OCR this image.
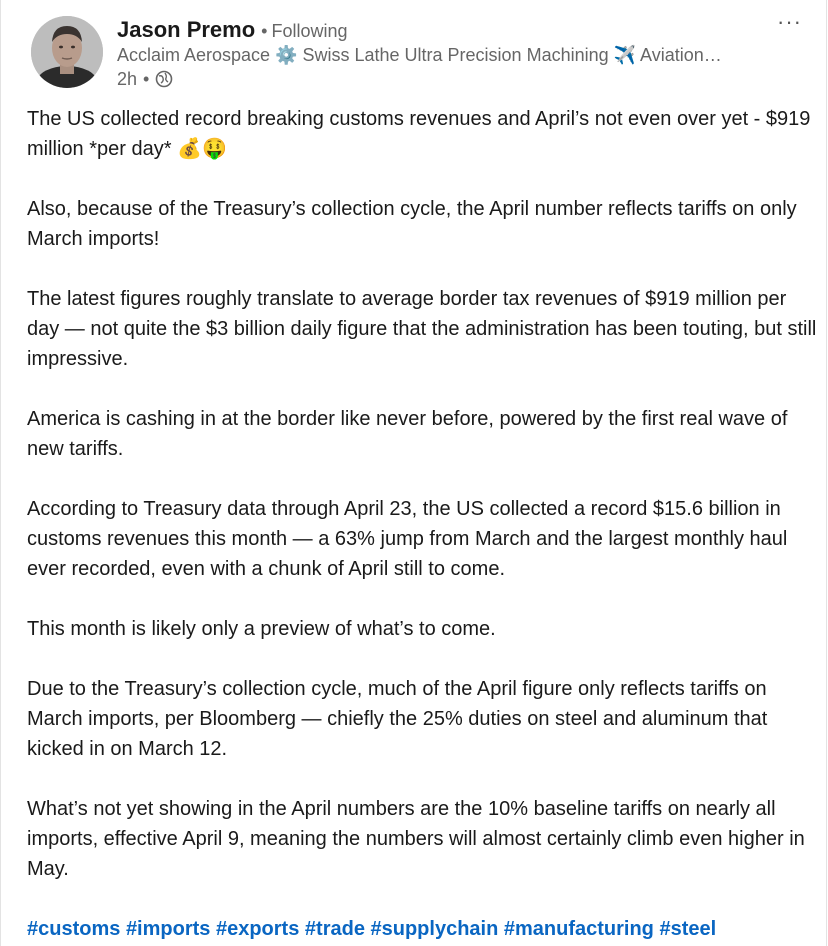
Jason Premo • Following
Acclaim Aerospace ⚙️ Swiss Lathe Ultra Precision Machining ✈️ Aviation…
2h •
···

The US collected record breaking customs revenues and April’s not even over yet - $919 million *per day* 💰🤑

Also, because of the Treasury’s collection cycle, the April number reflects tariffs on only March imports!

The latest figures roughly translate to average border tax revenues of $919 million per day — not quite the $3 billion daily figure that the administration has been touting, but still impressive.

America is cashing in at the border like never before, powered by the first real wave of new tariffs.

According to Treasury data through April 23, the US collected a record $15.6 billion in customs revenues this month — a 63% jump from March and the largest monthly haul ever recorded, even with a chunk of April still to come.

This month is likely only a preview of what’s to come.

Due to the Treasury’s collection cycle, much of the April figure only reflects tariffs on March imports, per Bloomberg — chiefly the 25% duties on steel and aluminum that kicked in on March 12.

What’s not yet showing in the April numbers are the 10% baseline tariffs on nearly all imports, effective April 9, meaning the numbers will almost certainly climb even higher in May.

#customs #imports #exports #trade #supplychain #manufacturing #steel
